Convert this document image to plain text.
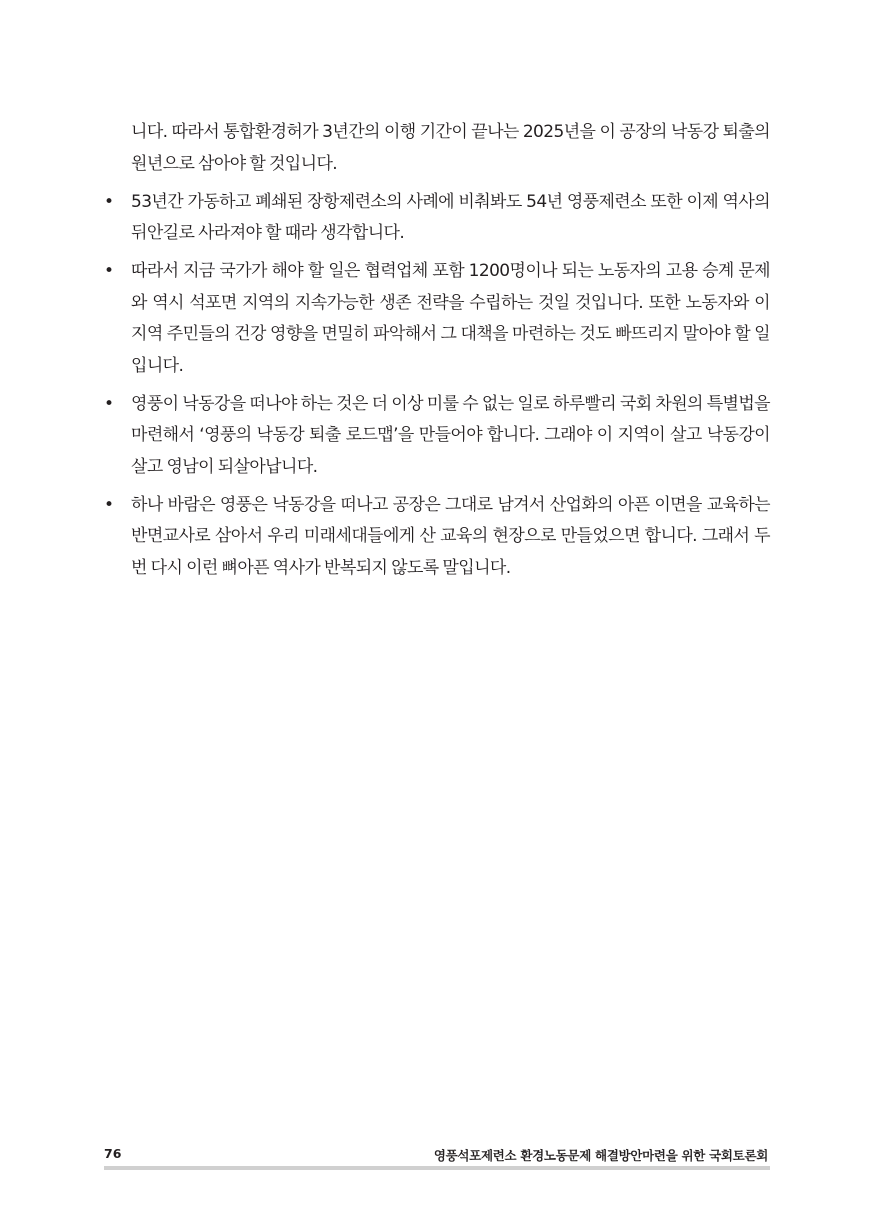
니다. 따라서 통합환경허가 3년간의 이행 기간이 끝나는 2025년을 이 공장의 낙동강 퇴출의 원년으로 삼아야 할 것입니다.

• 53년간 가동하고 폐쇄된 장항제련소의 사례에 비춰봐도 54년 영풍제련소 또한 이제 역사의 뒤안길로 사라져야 할 때라 생각합니다.

• 따라서 지금 국가가 해야 할 일은 협력업체 포함 1200명이나 되는 노동자의 고용 승계 문제와 역시 석포면 지역의 지속가능한 생존 전략을 수립하는 것일 것입니다. 또한 노동자와 이 지역 주민들의 건강 영향을 면밀히 파악해서 그 대책을 마련하는 것도 빠뜨리지 말아야 할 일입니다.

• 영풍이 낙동강을 떠나야 하는 것은 더 이상 미룰 수 없는 일로 하루빨리 국회 차원의 특별법을 마련해서 ‘영풍의 낙동강 퇴출 로드맵’을 만들어야 합니다. 그래야 이 지역이 살고 낙동강이 살고 영남이 되살아납니다.

• 하나 바람은 영풍은 낙동강을 떠나고 공장은 그대로 남겨서 산업화의 아픈 이면을 교육하는 반면교사로 삼아서 우리 미래세대들에게 산 교육의 현장으로 만들었으면 합니다. 그래서 두 번 다시 이런 뼈아픈 역사가 반복되지 않도록 말입니다.

76	영풍석포제련소 환경노동문제 해결방안마련을 위한 국회토론회
